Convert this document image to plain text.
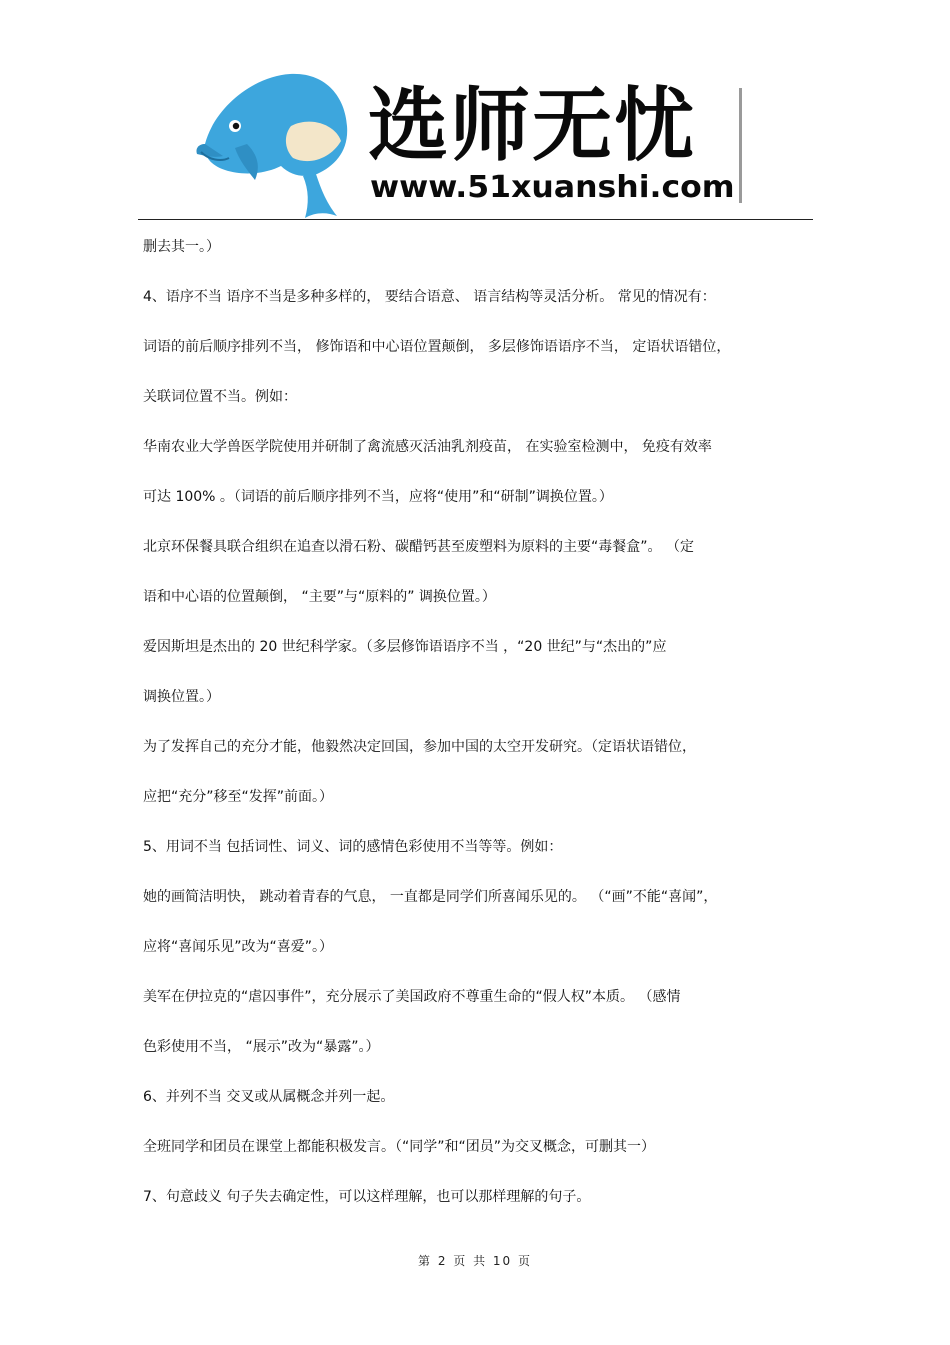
选师无忧
www.51xuanshi.com
删去其一。）
4、语序不当 语序不当是多种多样的， 要结合语意、 语言结构等灵活分析。 常见的情况有：
词语的前后顺序排列不当， 修饰语和中心语位置颠倒， 多层修饰语语序不当， 定语状语错位，
关联词位置不当。例如：
华南农业大学兽医学院使用并研制了禽流感灭活油乳剂疫苗， 在实验室检测中， 免疫有效率
可达 100% 。（词语的前后顺序排列不当，应将“使用”和“研制”调换位置。）
北京环保餐具联合组织在追查以滑石粉、碳醋钙甚至废塑料为原料的主要“毒餐盒”。 （定
语和中心语的位置颠倒， “主要”与“原料的” 调换位置。）
爱因斯坦是杰出的 20 世纪科学家。（多层修饰语语序不当 ，“20 世纪”与“杰出的”应
调换位置。）
为了发挥自己的充分才能，他毅然决定回国，参加中国的太空开发研究。（定语状语错位，
应把“充分”移至“发挥”前面。）
5、用词不当 包括词性、词义、词的感情色彩使用不当等等。例如：
她的画简洁明快， 跳动着青春的气息， 一直都是同学们所喜闻乐见的。 （“画”不能“喜闻”，
应将“喜闻乐见”改为“喜爱”。）
美军在伊拉克的“虐囚事件”，充分展示了美国政府不尊重生命的“假人权”本质。 （感情
色彩使用不当， “展示”改为“暴露”。）
6、并列不当 交叉或从属概念并列一起。
全班同学和团员在课堂上都能积极发言。（“同学”和“团员”为交叉概念，可删其一）
7、句意歧义 句子失去确定性，可以这样理解，也可以那样理解的句子。
第 2 页 共 10 页
